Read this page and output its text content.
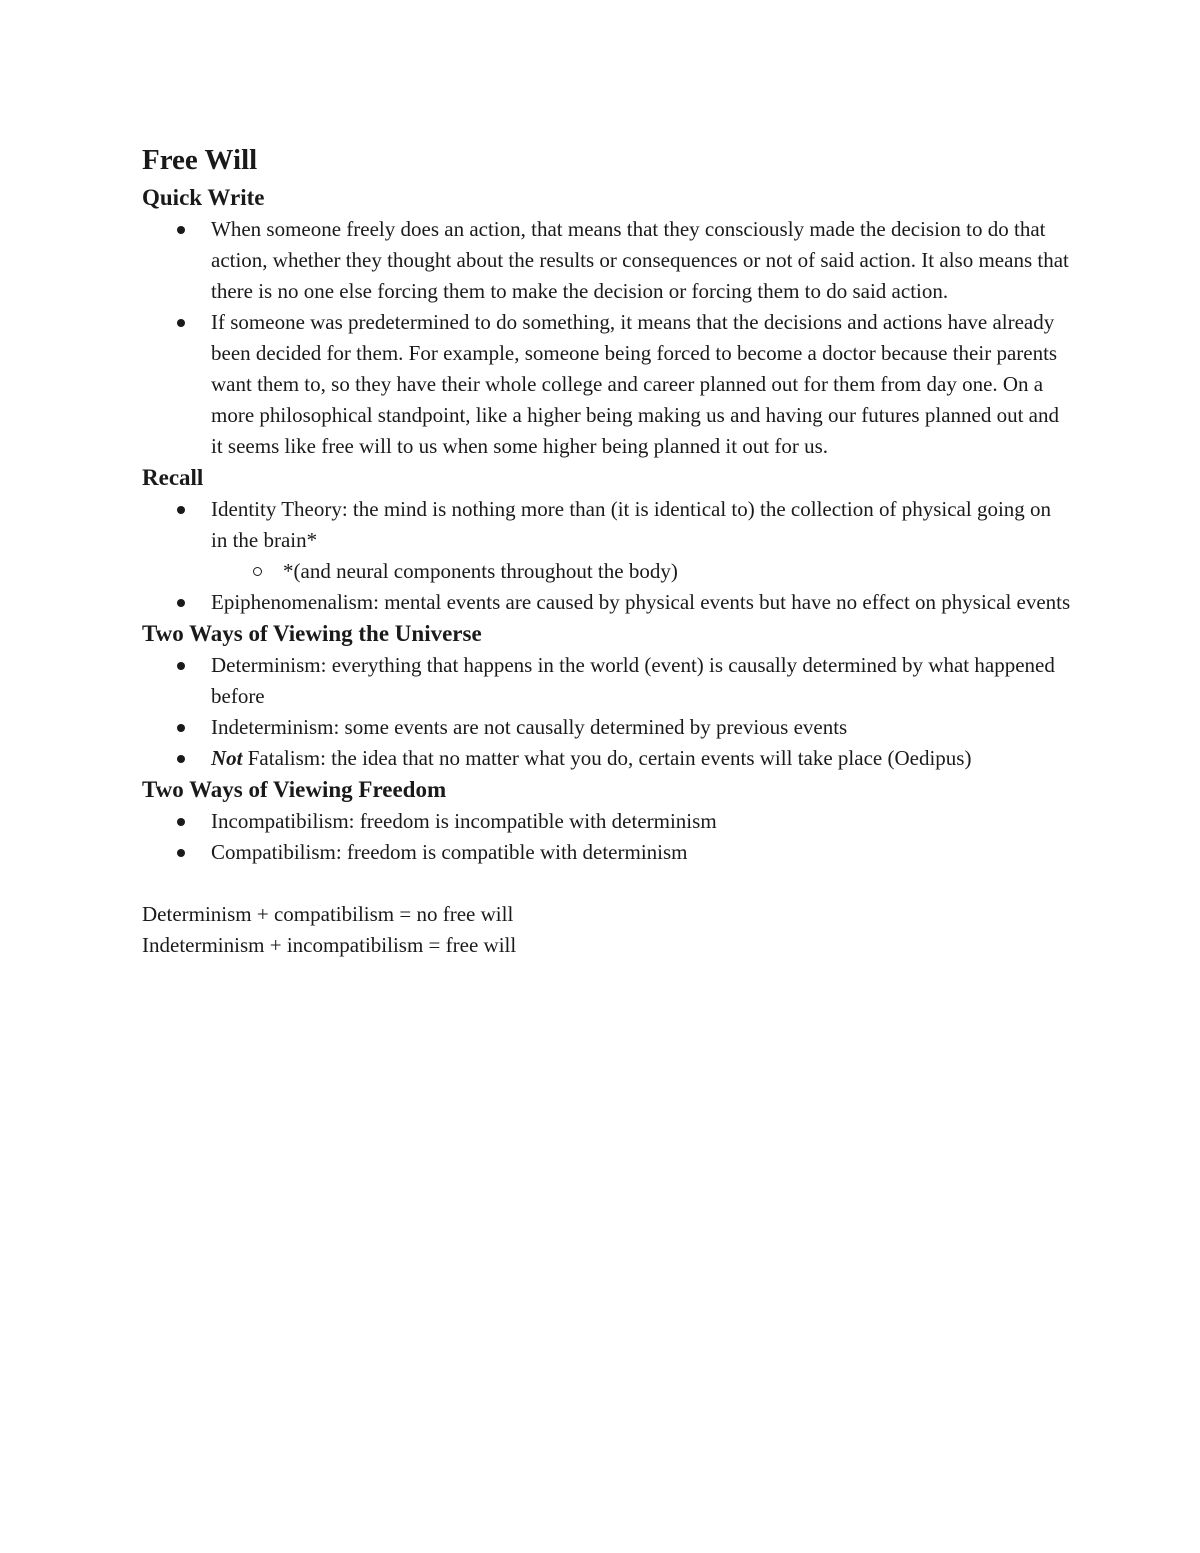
Free Will
Quick Write
When someone freely does an action, that means that they consciously made the decision to do that action, whether they thought about the results or consequences or not of said action. It also means that there is no one else forcing them to make the decision or forcing them to do said action.
If someone was predetermined to do something, it means that the decisions and actions have already been decided for them. For example, someone being forced to become a doctor because their parents want them to, so they have their whole college and career planned out for them from day one. On a more philosophical standpoint, like a higher being making us and having our futures planned out and it seems like free will to us when some higher being planned it out for us.
Recall
Identity Theory: the mind is nothing more than (it is identical to) the collection of physical going on in the brain*
*(and neural components throughout the body)
Epiphenomenalism: mental events are caused by physical events but have no effect on physical events
Two Ways of Viewing the Universe
Determinism: everything that happens in the world (event) is causally determined by what happened before
Indeterminism: some events are not causally determined by previous events
Not Fatalism: the idea that no matter what you do, certain events will take place (Oedipus)
Two Ways of Viewing Freedom
Incompatibilism: freedom is incompatible with determinism
Compatibilism: freedom is compatible with determinism

Determinism + compatibilism = no free will

Indeterminism + incompatibilism = free will
